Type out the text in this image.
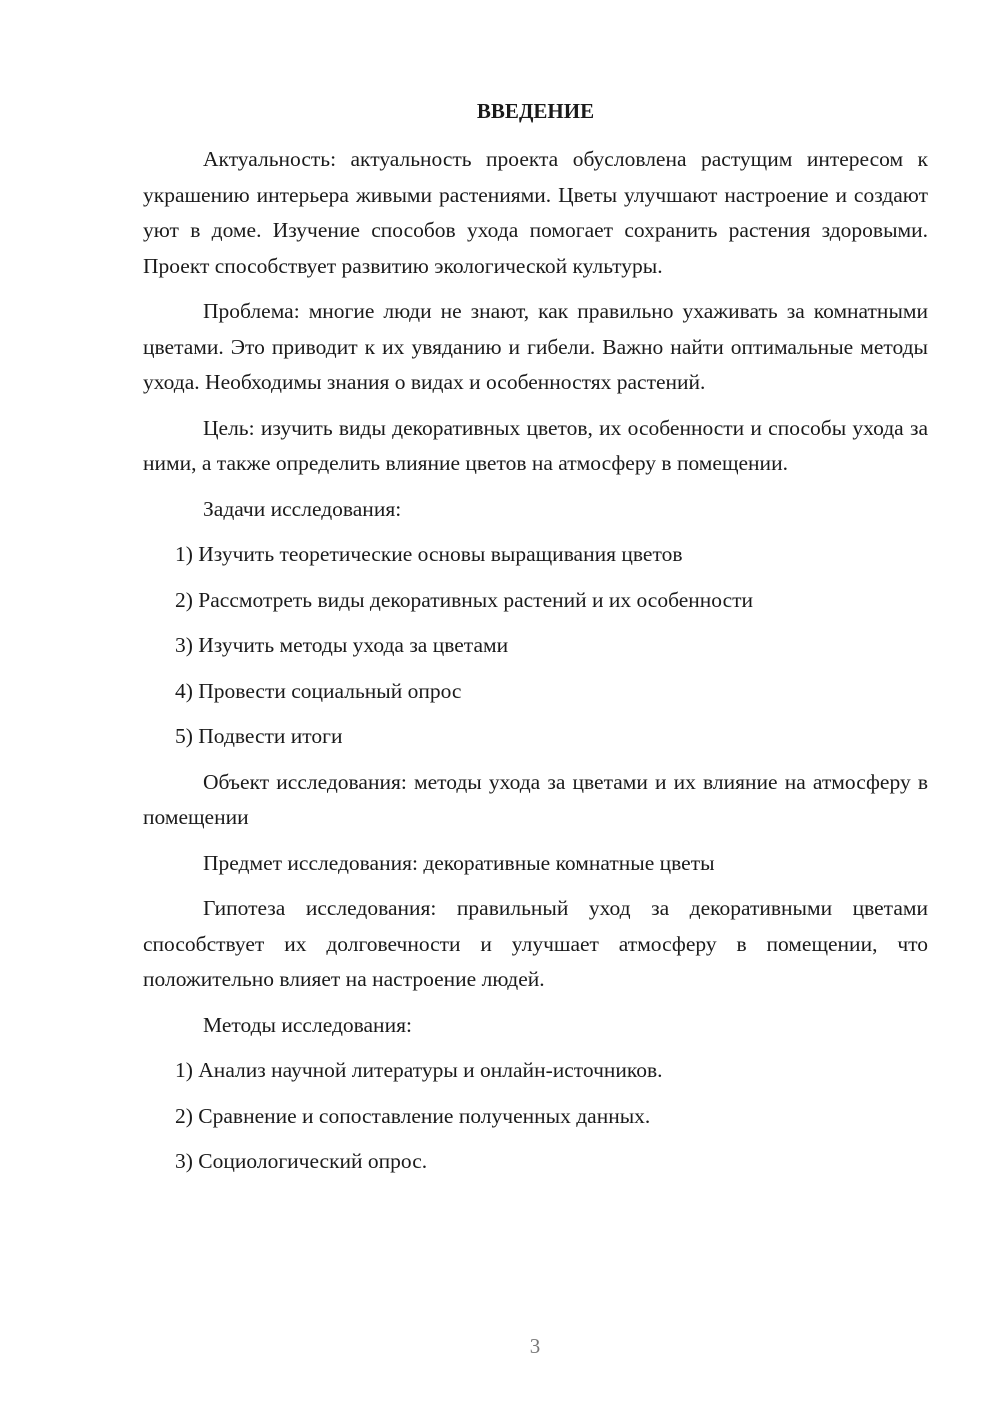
ВВЕДЕНИЕ

Актуальность: актуальность проекта обусловлена растущим интересом к украшению интерьера живыми растениями. Цветы улучшают настроение и создают уют в доме. Изучение способов ухода помогает сохранить растения здоровыми. Проект способствует развитию экологической культуры.

Проблема: многие люди не знают, как правильно ухаживать за комнатными цветами. Это приводит к их увяданию и гибели. Важно найти оптимальные методы ухода. Необходимы знания о видах и особенностях растений.

Цель: изучить виды декоративных цветов, их особенности и способы ухода за ними, а также определить влияние цветов на атмосферу в помещении.

Задачи исследования:

1) Изучить теоретические основы выращивания цветов
2) Рассмотреть виды декоративных растений и их особенности
3) Изучить методы ухода за цветами
4) Провести социальный опрос
5) Подвести итоги

Объект исследования: методы ухода за цветами и их влияние на атмосферу в помещении

Предмет исследования: декоративные комнатные цветы

Гипотеза исследования: правильный уход за декоративными цветами способствует их долговечности и улучшает атмосферу в помещении, что положительно влияет на настроение людей.

Методы исследования:

1) Анализ научной литературы и онлайн-источников.
2) Сравнение и сопоставление полученных данных.
3) Социологический опрос.
3
